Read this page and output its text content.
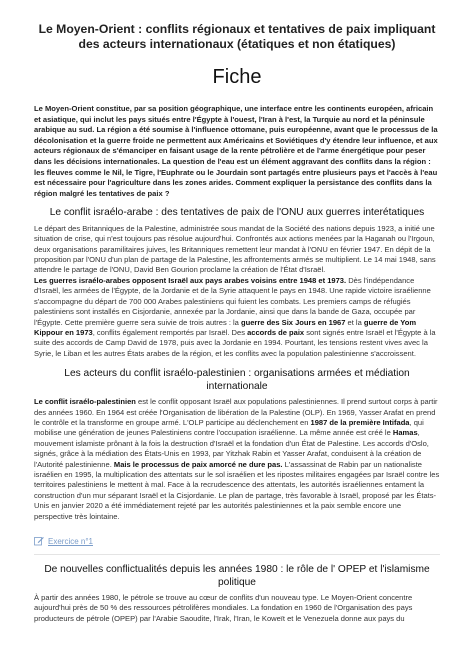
Le Moyen-Orient : conflits régionaux et tentatives de paix impliquant des acteurs internationaux (étatiques et non étatiques)
Fiche

Le Moyen-Orient constitue, par sa position géographique, une interface entre les continents européen, africain et asiatique, qui inclut les pays situés entre l'Égypte à l'ouest, l'Iran à l'est, la Turquie au nord et la péninsule arabique au sud. La région a été soumise à l'influence ottomane, puis européenne, avant que le processus de la décolonisation et la guerre froide ne permettent aux Américains et Soviétiques d'y étendre leur influence, et aux acteurs régionaux de s'émanciper en faisant usage de la rente pétrolière et de l'arme énergétique pour peser dans les décisions internationales. La question de l'eau est un élément aggravant des conflits dans la région : les fleuves comme le Nil, le Tigre, l'Euphrate ou le Jourdain sont partagés entre plusieurs pays et l'accès à l'eau est nécessaire pour l'agriculture dans les zones arides. Comment expliquer la persistance des conflits dans la région malgré les tentatives de paix ?

Le conflit israélo-arabe : des tentatives de paix de l'ONU aux guerres interétatiques

Le départ des Britanniques de la Palestine, administrée sous mandat de la Société des nations depuis 1923, a initié une situation de crise, qui n'est toujours pas résolue aujourd'hui. Confrontés aux actions menées par la Haganah ou l'Irgoun, deux organisations paramilitaires juives, les Britanniques remettent leur mandat à l'ONU en février 1947. En dépit de la proposition par l'ONU d'un plan de partage de la Palestine, les affrontements armés se multiplient. Le 14 mai 1948, sans attendre le partage de l'ONU, David Ben Gourion proclame la création de l'État d'Israël.

Les guerres israélo-arabes opposent Israël aux pays arabes voisins entre 1948 et 1973. Dès l'indépendance d'Israël, les armées de l'Égypte, de la Jordanie et de la Syrie attaquent le pays en 1948. Une rapide victoire israélienne s'accompagne du départ de 700 000 Arabes palestiniens qui fuient les combats. Les premiers camps de réfugiés palestiniens sont installés en Cisjordanie, annexée par la Jordanie, ainsi que dans la bande de Gaza, occupée par l'Égypte. Cette première guerre sera suivie de trois autres : la guerre des Six Jours en 1967 et la guerre de Yom Kippour en 1973, conflits également remportés par Israël. Des accords de paix sont signés entre Israël et l'Égypte à la suite des accords de Camp David de 1978, puis avec la Jordanie en 1994. Pourtant, les tensions restent vives avec la Syrie, le Liban et les autres États arabes de la région, et les conflits avec la population palestinienne s'accroissent.

Les acteurs du conflit israélo-palestinien : organisations armées et médiation internationale

Le conflit israélo-palestinien est le conflit opposant Israël aux populations palestiniennes. Il prend surtout corps à partir des années 1960. En 1964 est créée l'Organisation de libération de la Palestine (OLP). En 1969, Yasser Arafat en prend le contrôle et la transforme en groupe armé. L'OLP participe au déclenchement en 1987 de la première Intifada, qui mobilise une génération de jeunes Palestiniens contre l'occupation israélienne. La même année est créé le Hamas, mouvement islamiste prônant à la fois la destruction d'Israël et la fondation d'un État de Palestine. Les accords d'Oslo, signés, grâce à la médiation des États-Unis en 1993, par Yitzhak Rabin et Yasser Arafat, conduisent à la création de l'Autorité palestinienne. Mais le processus de paix amorcé ne dure pas. L'assassinat de Rabin par un nationaliste israélien en 1995, la multiplication des attentats sur le sol israélien et les ripostes militaires engagées par Israël contre les territoires palestiniens le mettent à mal. Face à la recrudescence des attentats, les autorités israéliennes entament la construction d'un mur séparant Israël et la Cisjordanie. Le plan de partage, très favorable à Israël, proposé par les États-Unis en janvier 2020 a été immédiatement rejeté par les autorités palestiniennes et la paix semble encore une perspective très lointaine.

Exercice n°1
De nouvelles conflictualités depuis les années 1980 : le rôle de l' OPEP et l'islamisme politique

À partir des années 1980, le pétrole se trouve au cœur de conflits d'un nouveau type. Le Moyen-Orient concentre aujourd'hui près de 50 % des ressources pétrolifères mondiales. La fondation en 1960 de l'Organisation des pays producteurs de pétrole (OPEP) par l'Arabie Saoudite, l'Irak, l'Iran, le Koweït et le Venezuela donne aux pays du
